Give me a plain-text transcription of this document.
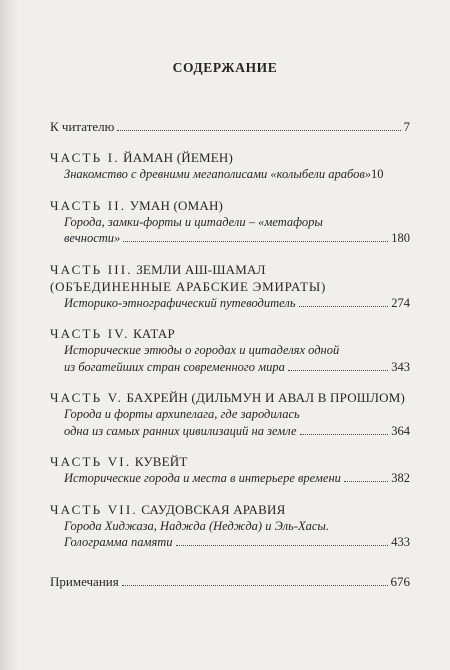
СОДЕРЖАНИЕ
К читателю	7
ЧАСТЬ I. ЙАМАН (ЙЕМЕН)
Знакомство с древними мегаполисами «колыбели арабов» 10
ЧАСТЬ II. УМАН (ОМАН)
Города, замки-форты и цитадели – «метафоры
вечности»	180
ЧАСТЬ III. ЗЕМЛИ АШ-ШАМАЛ
(ОБЪЕДИНЕННЫЕ АРАБСКИЕ ЭМИРАТЫ)
Историко-этнографический путеводитель	274
ЧАСТЬ IV. КАТАР
Исторические этюды о городах и цитаделях одной
из богатейших стран современного мира	343
ЧАСТЬ V. БАХРЕЙН (ДИЛЬМУН И АВАЛ В ПРОШЛОМ)
Города и форты архипелага, где зародилась
одна из самых ранних цивилизаций на земле	364
ЧАСТЬ VI. КУВЕЙТ
Исторические города и места в интерьере времени	382
ЧАСТЬ VII. САУДОВСКАЯ АРАВИЯ
Города Хиджаза, Наджда (Неджда) и Эль-Хасы.
Голограмма памяти	433
Примечания	676
